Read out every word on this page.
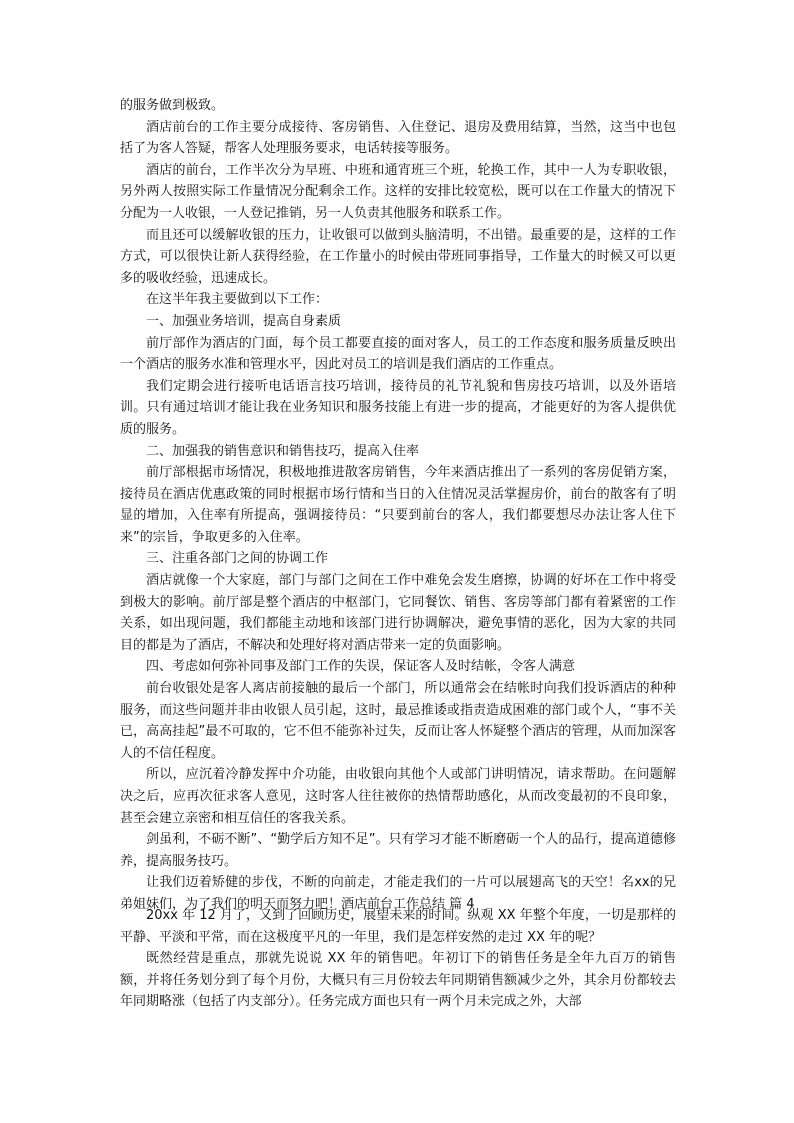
的服务做到极致。

酒店前台的工作主要分成接待、客房销售、入住登记、退房及费用结算，当然，这当中也包括了为客人答疑，帮客人处理服务要求，电话转接等服务。

酒店的前台，工作半次分为早班、中班和通宵班三个班，轮换工作，其中一人为专职收银，另外两人按照实际工作量情况分配剩余工作。这样的安排比较宽松，既可以在工作量大的情况下分配为一人收银，一人登记推销，另一人负责其他服务和联系工作。

而且还可以缓解收银的压力，让收银可以做到头脑清明，不出错。最重要的是，这样的工作方式，可以很快让新人获得经验，在工作量小的时候由带班同事指导，工作量大的时候又可以更多的吸收经验，迅速成长。

在这半年我主要做到以下工作：

一、加强业务培训，提高自身素质

前厅部作为酒店的门面，每个员工都要直接的面对客人，员工的工作态度和服务质量反映出一个酒店的服务水准和管理水平，因此对员工的培训是我们酒店的工作重点。

我们定期会进行接听电话语言技巧培训，接待员的礼节礼貌和售房技巧培训，以及外语培训。只有通过培训才能让我在业务知识和服务技能上有进一步的提高，才能更好的为客人提供优质的服务。

二、加强我的销售意识和销售技巧，提高入住率

前厅部根据市场情况，积极地推进散客房销售，今年来酒店推出了一系列的客房促销方案，接待员在酒店优惠政策的同时根据市场行情和当日的入住情况灵活掌握房价，前台的散客有了明显的增加，入住率有所提高，强调接待员：“只要到前台的客人，我们都要想尽办法让客人住下来”的宗旨，争取更多的入住率。

三、注重各部门之间的协调工作

酒店就像一个大家庭，部门与部门之间在工作中难免会发生磨擦，协调的好坏在工作中将受到极大的影响。前厅部是整个酒店的中枢部门，它同餐饮、销售、客房等部门都有着紧密的工作关系，如出现问题，我们都能主动地和该部门进行协调解决，避免事情的恶化，因为大家的共同目的都是为了酒店，不解决和处理好将对酒店带来一定的负面影响。

四、考虑如何弥补同事及部门工作的失误，保证客人及时结帐，令客人满意

前台收银处是客人离店前接触的最后一个部门，所以通常会在结帐时向我们投诉酒店的种种服务，而这些问题并非由收银人员引起，这时，最忌推诿或指责造成困难的部门或个人，“事不关已，高高挂起”最不可取的，它不但不能弥补过失，反而让客人怀疑整个酒店的管理，从而加深客人的不信任程度。

所以，应沉着冷静发挥中介功能，由收银向其他个人或部门讲明情况，请求帮助。在问题解决之后，应再次征求客人意见，这时客人往往被你的热情帮助感化，从而改变最初的不良印象，甚至会建立亲密和相互信任的客我关系。

剑虽利，不砺不断”、“勤学后方知不足”。只有学习才能不断磨砺一个人的品行，提高道德修养，提高服务技巧。

让我们迈着矫健的步伐，不断的向前走，才能走我们的一片可以展翅高飞的天空！名xx的兄弟姐妹们，为了我们的明天而努力吧！酒店前台工作总结 篇 4

20xx 年 12 月了，又到了回顾历史，展望未来的时间。纵观 XX 年整个年度，一切是那样的平静、平淡和平常，而在这极度平凡的一年里，我们是怎样安然的走过 XX 年的呢？

既然经营是重点，那就先说说 XX 年的销售吧。年初订下的销售任务是全年九百万的销售额，并将任务划分到了每个月份，大概只有三月份较去年同期销售额减少之外，其余月份都较去年同期略涨（包括了内支部分）。任务完成方面也只有一两个月未完成之外，大部
